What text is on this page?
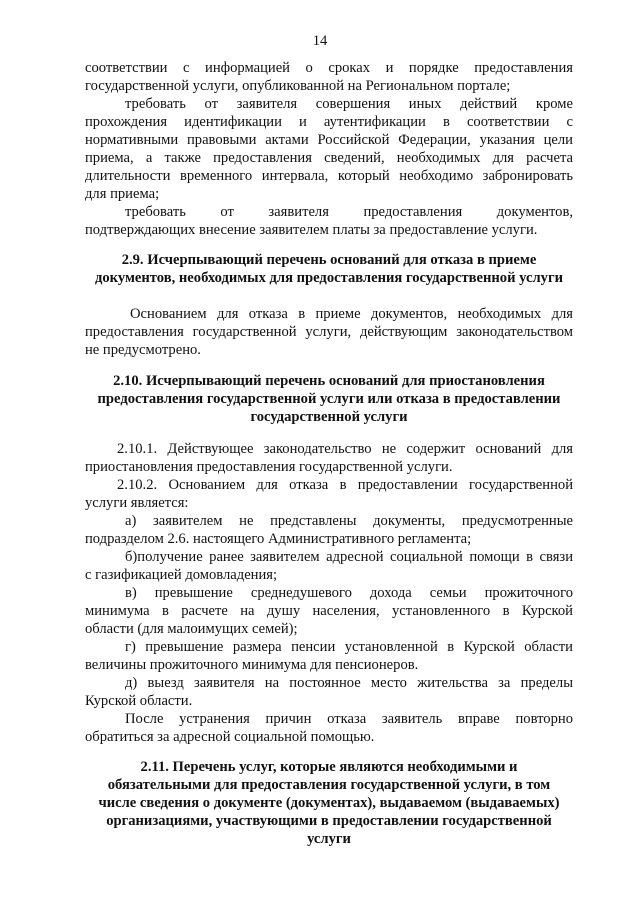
14
соответствии с информацией о сроках и порядке предоставления
государственной услуги, опубликованной на Региональном портале;
требовать от заявителя совершения иных действий кроме
прохождения идентификации и аутентификации в соответствии с
нормативными правовыми актами Российской Федерации, указания цели
приема, а также предоставления сведений, необходимых для расчета
длительности временного интервала, который необходимо забронировать
для приема;
требовать от заявителя предоставления документов,
подтверждающих внесение заявителем платы за предоставление услуги.
2.9. Исчерпывающий перечень оснований для отказа в приеме
документов, необходимых для предоставления государственной услуги
Основанием для отказа в приеме документов, необходимых для
предоставления государственной услуги, действующим законодательством
не предусмотрено.
2.10. Исчерпывающий перечень оснований для приостановления
предоставления государственной услуги или отказа в предоставлении
государственной услуги
2.10.1. Действующее законодательство не содержит оснований для
приостановления предоставления государственной услуги.
2.10.2. Основанием для отказа в предоставлении государственной
услуги является:
а) заявителем не представлены документы, предусмотренные
подразделом 2.6. настоящего Административного регламента;
б)получение ранее заявителем адресной социальной помощи в связи
с газификацией домовладения;
в) превышение среднедушевого дохода семьи прожиточного
минимума в расчете на душу населения, установленного в Курской
области (для малоимущих семей);
г) превышение размера пенсии установленной в Курской области
величины прожиточного минимума для пенсионеров.
д) выезд заявителя на постоянное место жительства за пределы
Курской области.
После устранения причин отказа заявитель вправе повторно
обратиться за адресной социальной помощью.
2.11. Перечень услуг, которые являются необходимыми и
обязательными для предоставления государственной услуги, в том
числе сведения о документе (документах), выдаваемом (выдаваемых)
организациями, участвующими в предоставлении государственной
услуги
